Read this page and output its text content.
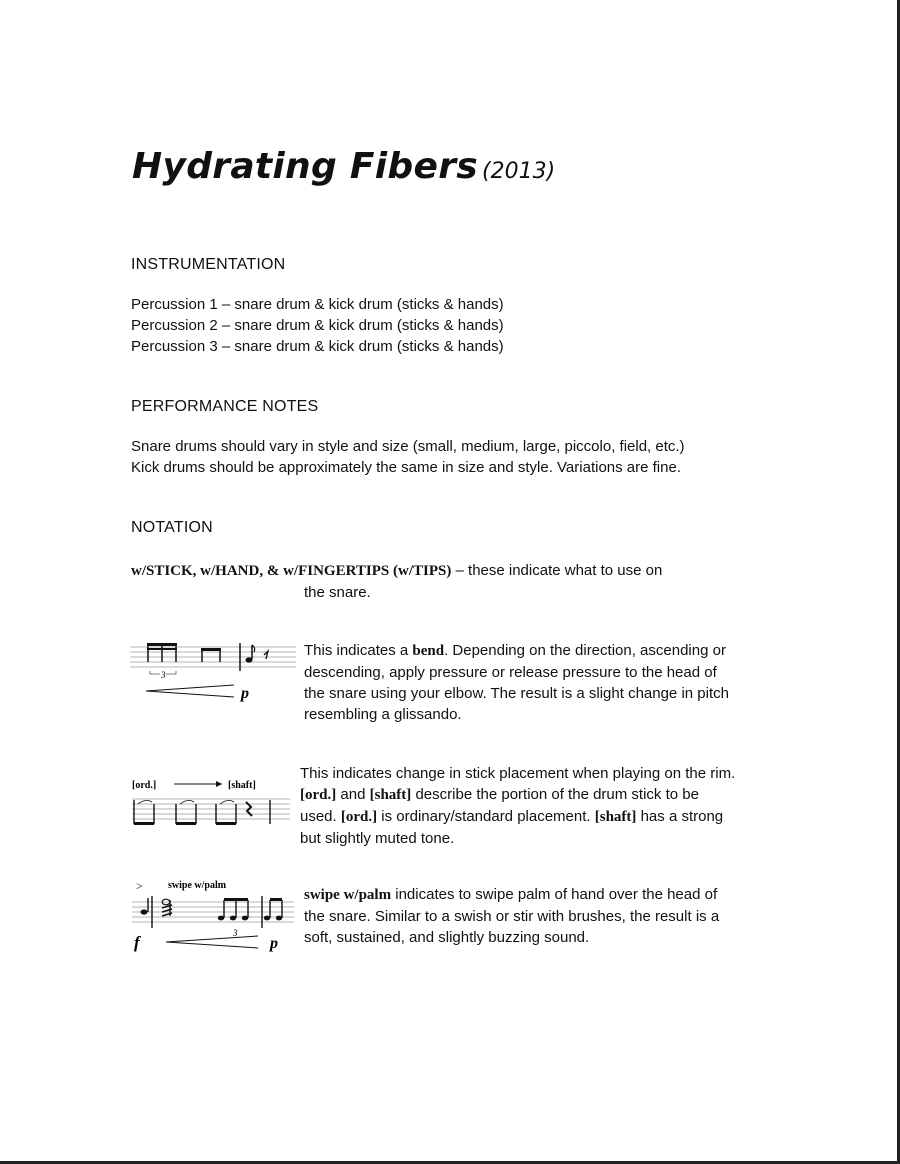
Hydrating Fibers (2013)
INSTRUMENTATION
Percussion 1 – snare drum & kick drum (sticks & hands)
Percussion 2 – snare drum & kick drum (sticks & hands)
Percussion 3 – snare drum & kick drum (sticks & hands)
PERFORMANCE NOTES
Snare drums should vary in style and size (small, medium, large, piccolo, field, etc.)
Kick drums should be approximately the same in size and style. Variations are fine.
NOTATION
w/STICK, w/HAND, & w/FINGERTIPS (w/TIPS) – these indicate what to use on
the snare.
3
p
This indicates a bend. Depending on the direction, ascending or
descending, apply pressure or release pressure to the head of
the snare using your elbow. The result is a slight change in pitch
resembling a glissando.
[ord.]	[shaft]
This indicates change in stick placement when playing on the rim.
[ord.] and [shaft] describe the portion of the drum stick to be
used. [ord.] is ordinary/standard placement. [shaft] has a strong
but slightly muted tone.
>	swipe w/palm
3
f	p
swipe w/palm indicates to swipe palm of hand over the head of
the snare. Similar to a swish or stir with brushes, the result is a
soft, sustained, and slightly buzzing sound.
